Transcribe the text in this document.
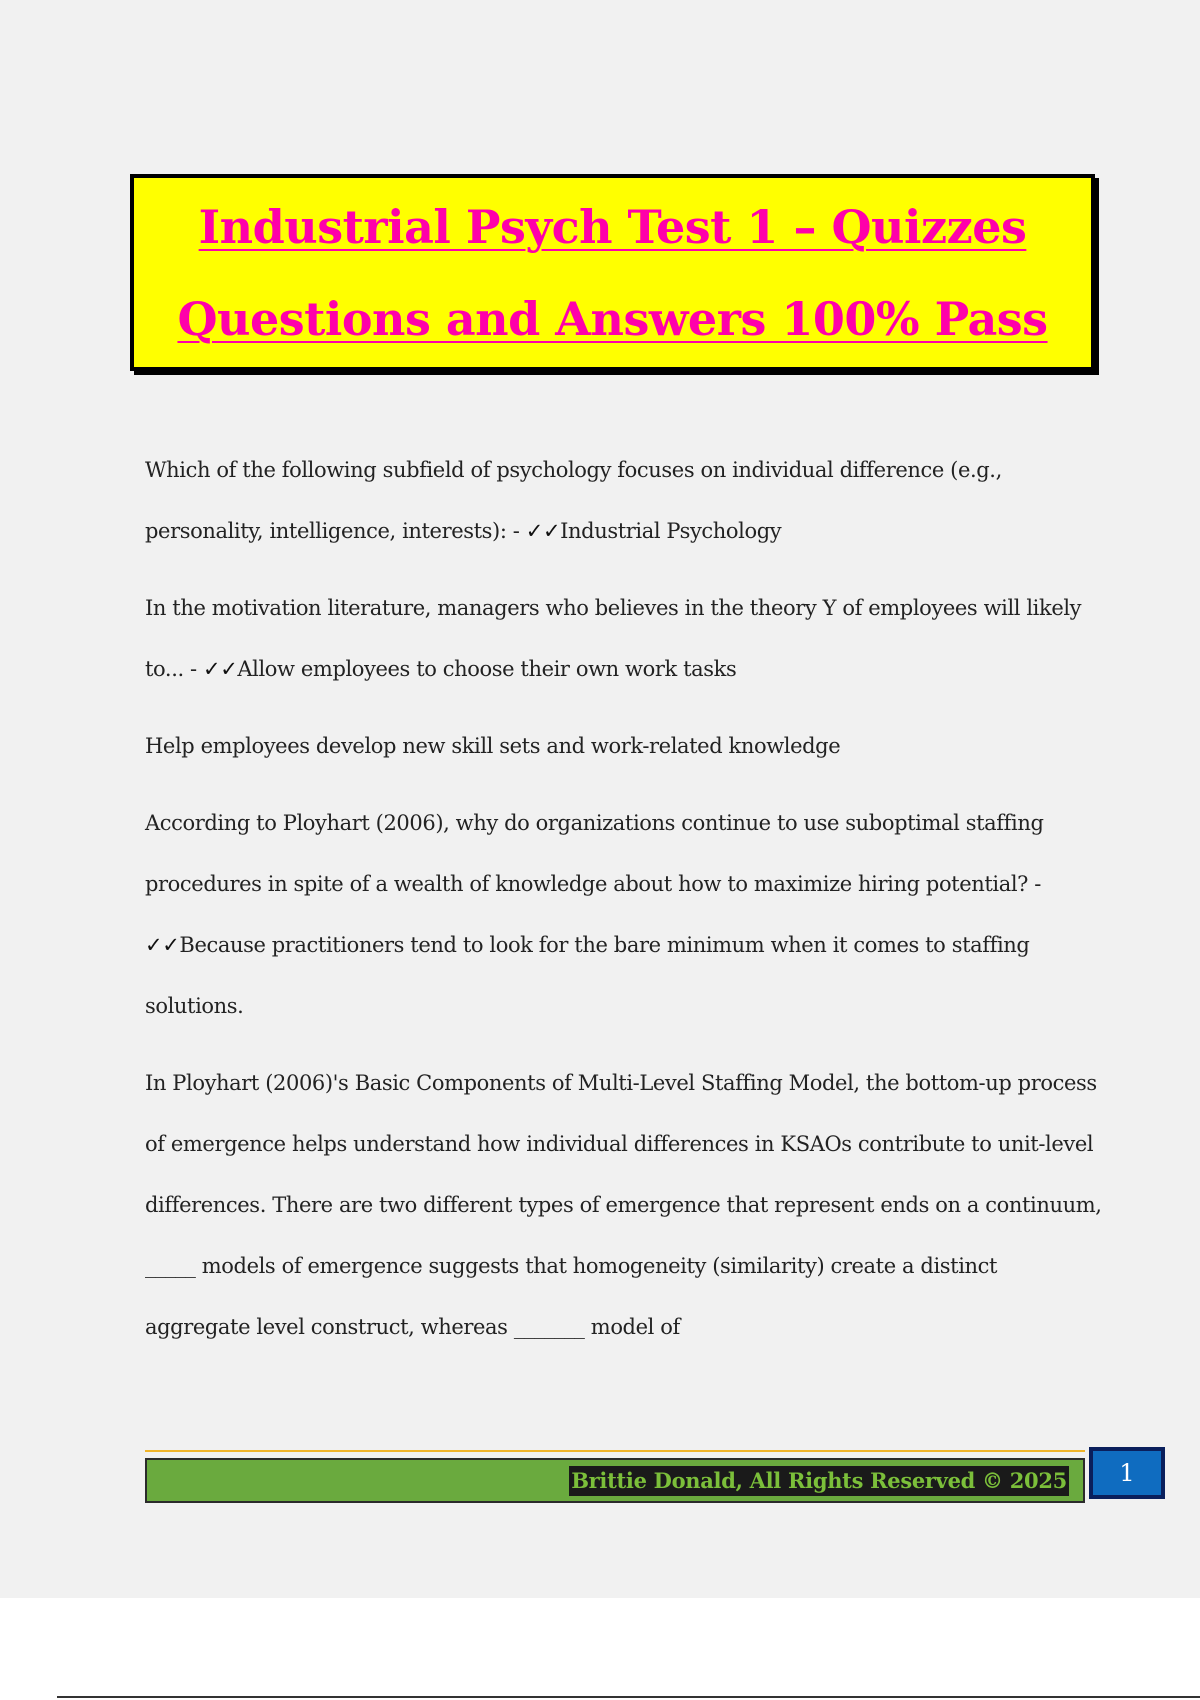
Industrial Psych Test 1 – Quizzes
Questions and Answers 100% Pass

Which of the following subfield of psychology focuses on individual difference (e.g., personality, intelligence, interests): - ✓✓Industrial Psychology

In the motivation literature, managers who believes in the theory Y of employees will likely to... - ✓✓Allow employees to choose their own work tasks

Help employees develop new skill sets and work-related knowledge

According to Ployhart (2006), why do organizations continue to use suboptimal staffing procedures in spite of a wealth of knowledge about how to maximize hiring potential? - ✓✓Because practitioners tend to look for the bare minimum when it comes to staffing solutions.

In Ployhart (2006)'s Basic Components of Multi-Level Staffing Model, the bottom-up process of emergence helps understand how individual differences in KSAOs contribute to unit-level differences. There are two different types of emergence that represent ends on a continuum, _____ models of emergence suggests that homogeneity (similarity) create a distinct aggregate level construct, whereas _______ model of

Brittie Donald, All Rights Reserved © 2025 1
